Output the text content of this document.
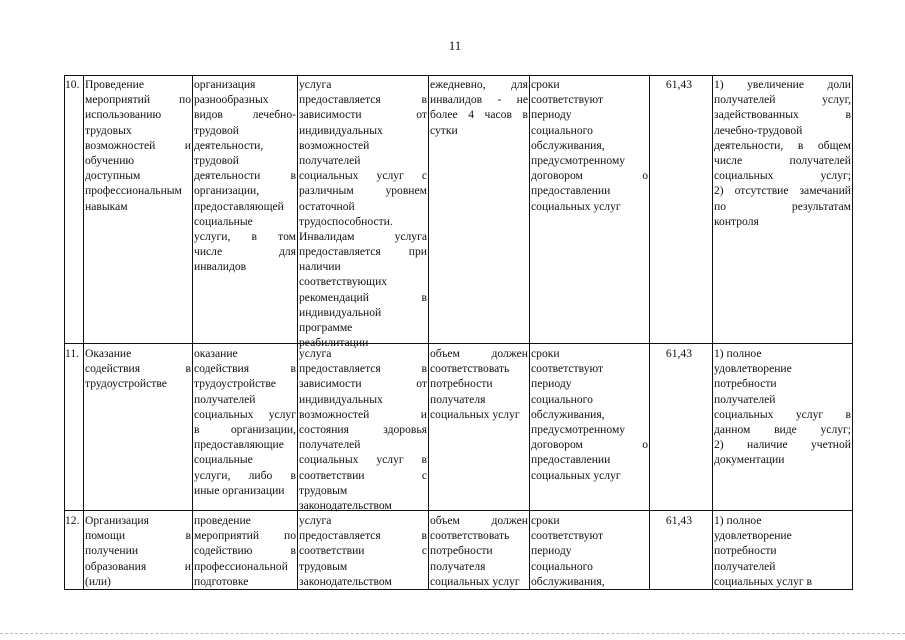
11
10. Проведение
мероприятий по
использованию
трудовых
возможностей и
обучению
доступным
профессиональным
навыкам
организация
разнообразных
видов лечебно-
трудовой
деятельности,
трудовой
деятельности в
организации,
предоставляющей
социальные
услуги, в том
числе для
инвалидов
услуга
предоставляется в
зависимости от
индивидуальных
возможностей
получателей
социальных услуг с
различным уровнем
остаточной
трудоспособности.
Инвалидам услуга
предоставляется при
наличии
соответствующих
рекомендаций в
индивидуальной
программе
реабилитации
ежедневно, для
инвалидов - не
более 4 часов в
сутки
сроки
соответствуют
периоду
социального
обслуживания,
предусмотренному
договором о
предоставлении
социальных услуг
61,43 1) увеличение доли
получателей услуг,
задействованных в
лечебно-трудовой
деятельности, в общем
числе получателей
социальных услуг;
2) отсутствие замечаний
по результатам
контроля
11. Оказание
содействия в
трудоустройстве
оказание
содействия в
трудоустройстве
получателей
социальных услуг
в организации,
предоставляющие
социальные
услуги, либо в
иные организации
услуга
предоставляется в
зависимости от
индивидуальных
возможностей и
состояния здоровья
получателей
социальных услуг в
соответствии с
трудовым
законодательством
объем должен
соответствовать
потребности
получателя
социальных услуг
сроки
соответствуют
периоду
социального
обслуживания,
предусмотренному
договором о
предоставлении
социальных услуг
61,43 1) полное
удовлетворение
потребности
получателей
социальных услуг в
данном виде услуг;
2) наличие учетной
документации
12. Организация
помощи в
получении
образования и
(или)
проведение
мероприятий по
содействию в
профессиональной
подготовке
услуга
предоставляется в
соответствии с
трудовым
законодательством
объем должен
соответствовать
потребности
получателя
социальных услуг
сроки
соответствуют
периоду
социального
обслуживания,
61,43 1) полное
удовлетворение
потребности
получателей
социальных услуг в
